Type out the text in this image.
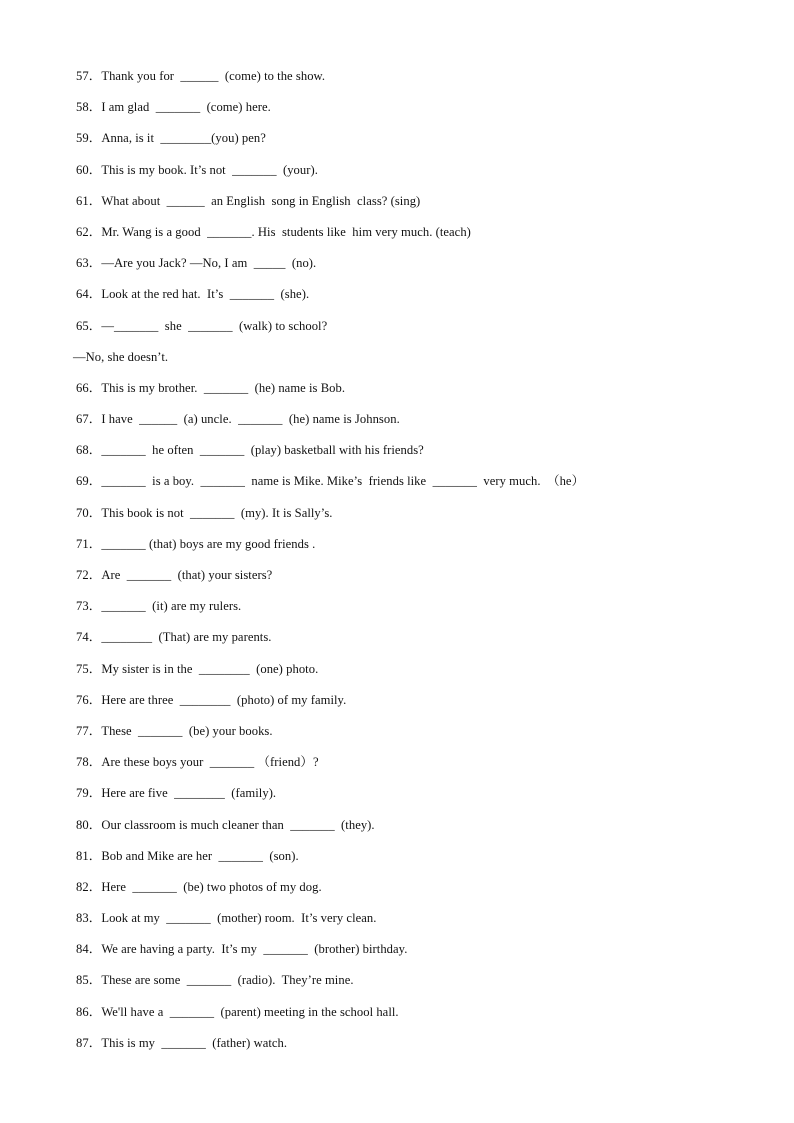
57．Thank you for  ______  (come) to the show.
58．I am glad  _______  (come) here.
59．Anna, is it  ________(you) pen?
60．This is my book. It’s not  _______  (your).
61．What about  ______  an English  song in English  class? (sing)
62．Mr. Wang is a good  _______. His  students like  him very much. (teach)
63．—Are you Jack? —No, I am  _____  (no).
64．Look at the red hat.  It’s  _______  (she).
65．—_______  she  _______  (walk) to school?
—No, she doesn’t.
66．This is my brother.  _______  (he) name is Bob.
67．I have  ______  (a) uncle.  _______  (he) name is Johnson.
68．_______  he often  _______  (play) basketball with his friends?
69．_______  is a boy.  _______  name is Mike. Mike’s  friends like  _______  very much.  （he）
70．This book is not  _______  (my). It is Sally’s.
71．_______ (that) boys are my good friends .
72．Are  _______  (that) your sisters?
73．_______  (it) are my rulers.
74．________  (That) are my parents.
75．My sister is in the  ________  (one) photo.
76．Here are three  ________  (photo) of my family.
77．These  _______  (be) your books.
78．Are these boys your  _______ （friend）?
79．Here are five  ________  (family).
80．Our classroom is much cleaner than  _______  (they).
81．Bob and Mike are her  _______  (son).
82．Here  _______  (be) two photos of my dog.
83．Look at my  _______  (mother) room.  It’s very clean.
84．We are having a party.  It’s my  _______  (brother) birthday.
85．These are some  _______  (radio).  They’re mine.
86．We'll have a  _______  (parent) meeting in the school hall.
87．This is my  _______  (father) watch.
